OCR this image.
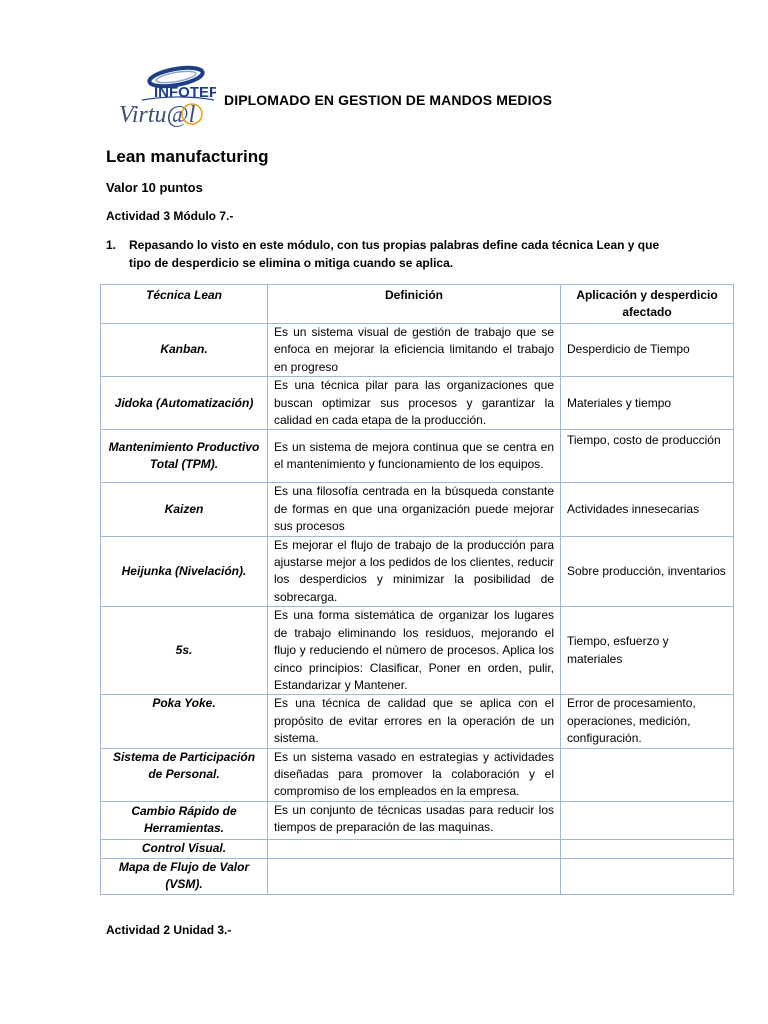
INFOTEP
Virtu@l
DIPLOMADO EN GESTION DE MANDOS MEDIOS
Lean manufacturing
Valor 10 puntos
Actividad 3 Módulo 7.-
1. Repasando lo visto en este módulo, con tus propias palabras define cada técnica Lean y que tipo de desperdicio se elimina o mitiga cuando se aplica.
Técnica Lean	Definición	Aplicación y desperdicio afectado
Kanban.	Es un sistema visual de gestión de trabajo que se enfoca en mejorar la eficiencia limitando el trabajo en progreso	Desperdicio de Tiempo
Jidoka (Automatización)	Es una técnica pilar para las organizaciones que buscan optimizar sus procesos y garantizar la calidad en cada etapa de la producción.	Materiales y tiempo
Mantenimiento Productivo Total (TPM).	Es un sistema de mejora continua que se centra en el mantenimiento y funcionamiento de los equipos.	Tiempo, costo de producción
Kaizen	Es una filosofía centrada en la búsqueda constante de formas en que una organización puede mejorar sus procesos	Actividades innesecarias
Heijunka (Nivelación).	Es mejorar el flujo de trabajo de la producción para ajustarse mejor a los pedidos de los clientes, reducir los desperdicios y minimizar la posibilidad de sobrecarga.	Sobre producción, inventarios
5s.	Es una forma sistemática de organizar los lugares de trabajo eliminando los residuos, mejorando el flujo y reduciendo el número de procesos. Aplica los cinco principios: Clasificar, Poner en orden, pulir, Estandarizar y Mantener.	Tiempo, esfuerzo y materiales
Poka Yoke.	Es una técnica de calidad que se aplica con el propósito de evitar errores en la operación de un sistema.	Error de procesamiento, operaciones, medición, configuración.
Sistema de Participación de Personal.	Es un sistema vasado en estrategias y actividades diseñadas para promover la colaboración y el compromiso de los empleados en la empresa.	
Cambio Rápido de Herramientas.	Es un conjunto de técnicas usadas para reducir los tiempos de preparación de las maquinas.	
Control Visual.		
Mapa de Flujo de Valor (VSM).		
Actividad 2 Unidad 3.-
